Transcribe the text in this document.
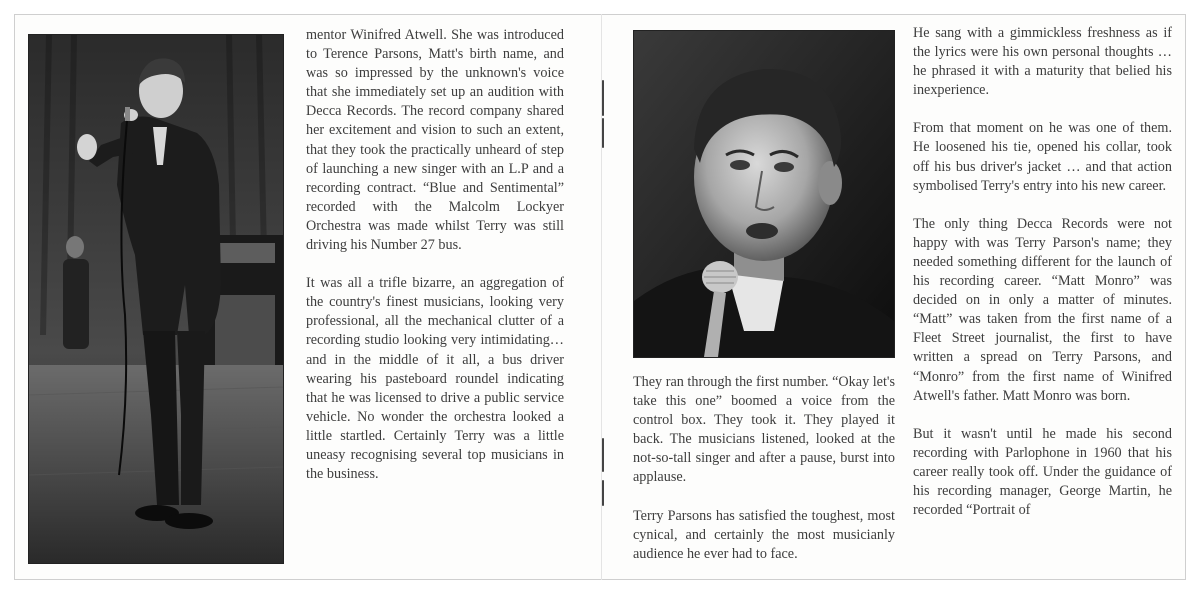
mentor Winifred Atwell. She was introduced to Terence Parsons, Matt's birth name, and was so impressed by the unknown's voice that she immediately set up an audition with Decca Records. The record company shared her excitement and vision to such an extent, that they took the practically unheard of step of launching a new singer with an L.P and a recording contract. “Blue and Sentimental” recorded with the Malcolm Lockyer Orchestra was made whilst Terry was still driving his Number 27 bus.

It was all a trifle bizarre, an aggregation of the country's finest musicians, looking very professional, all the mechanical clutter of a recording studio looking very intimidating… and in the middle of it all, a bus driver wearing his pasteboard roundel indicating that he was licensed to drive a public service vehicle. No wonder the orchestra looked a little startled. Certainly Terry was a little uneasy recognising several top musicians in the business.

They ran through the first number. “Okay let's take this one” boomed a voice from the control box. They took it. They played it back. The musicians listened, looked at the not-so-tall singer and after a pause, burst into applause.

Terry Parsons has satisfied the toughest, most cynical, and certainly the most musicianly audience he ever had to face.

He sang with a gimmickless freshness as if the lyrics were his own personal thoughts … he phrased it with a maturity that belied his inexperience.

From that moment on he was one of them. He loosened his tie, opened his collar, took off his bus driver's jacket … and that action symbolised Terry's entry into his new career.

The only thing Decca Records were not happy with was Terry Parson's name; they needed something different for the launch of his recording career. “Matt Monro” was decided on in only a matter of minutes. “Matt” was taken from the first name of a Fleet Street journalist, the first to have written a spread on Terry Parsons, and “Monro” from the first name of Winifred Atwell's father. Matt Monro was born.

But it wasn't until he made his second recording with Parlophone in 1960 that his career really took off. Under the guidance of his recording manager, George Martin, he recorded “Portrait of
